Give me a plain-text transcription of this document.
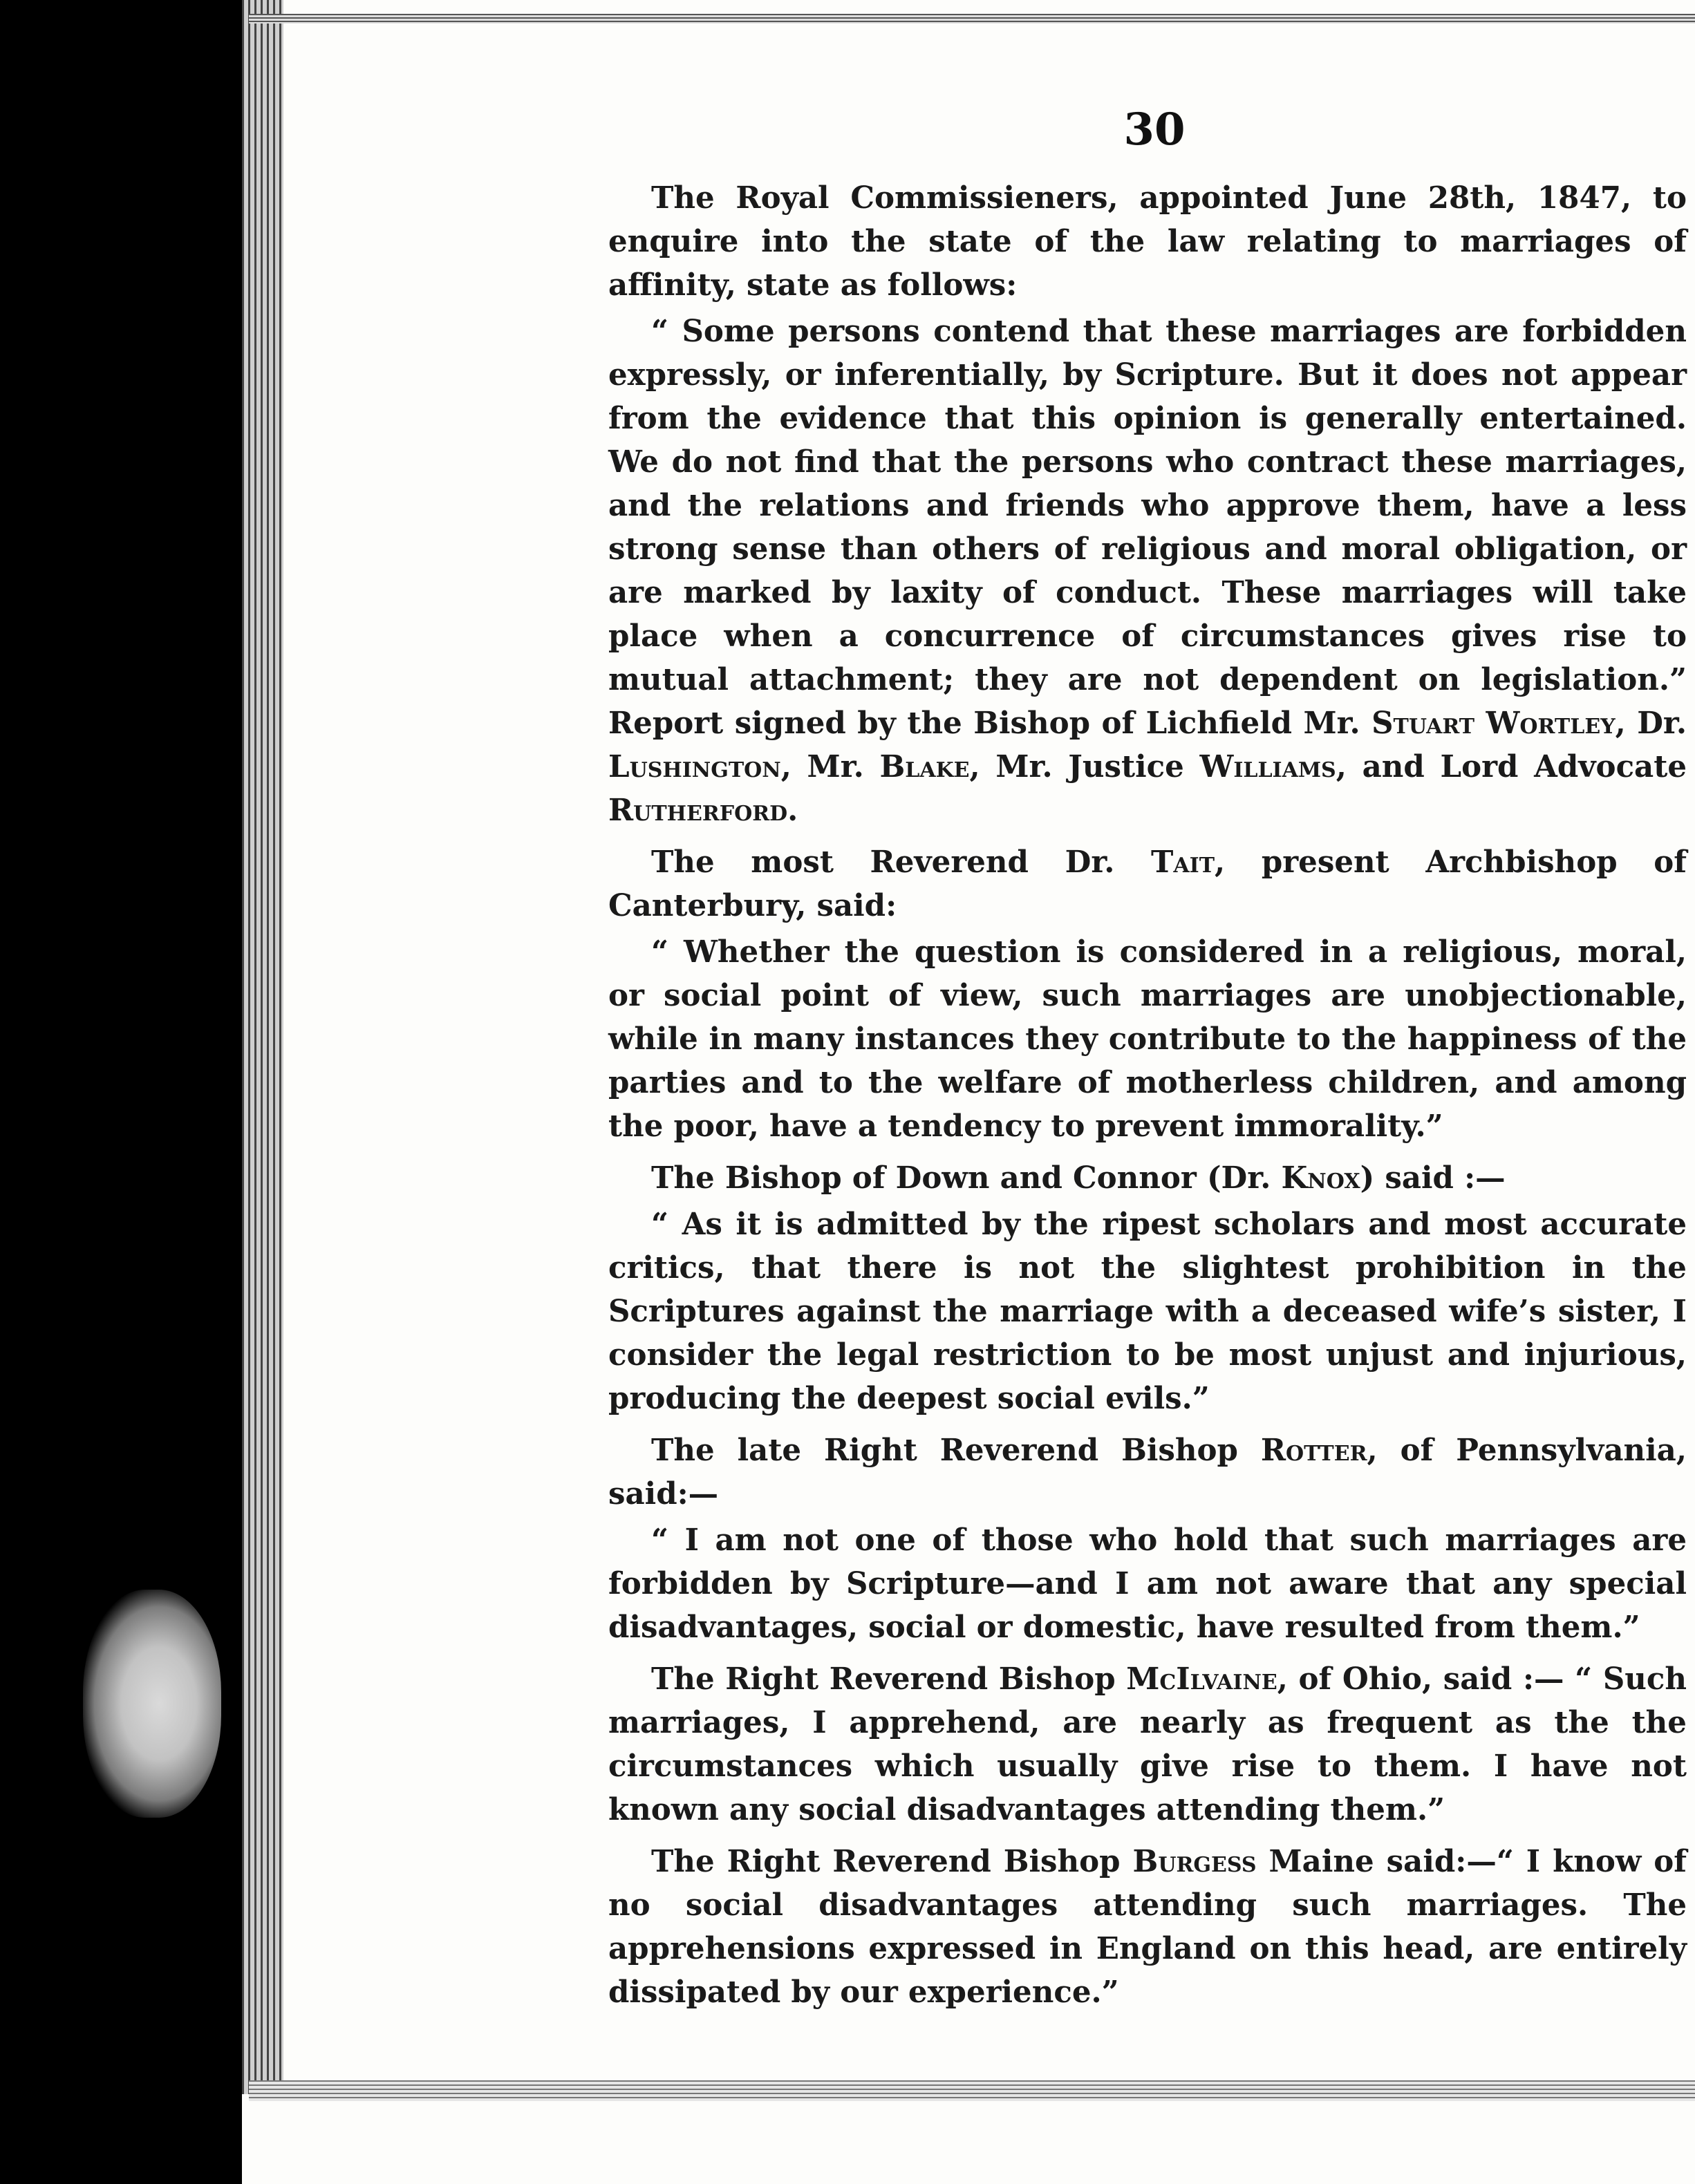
30

The Royal Commissieners, appointed June 28th, 1847, to enquire into the state of the law relating to marriages of affinity, state as follows:

“ Some persons contend that these marriages are forbidden expressly, or inferentially, by Scripture. But it does not appear from the evidence that this opinion is generally entertained. We do not find that the persons who contract these marriages, and the relations and friends who approve them, have a less strong sense than others of religious and moral obligation, or are marked by laxity of conduct. These marriages will take place when a concurrence of circumstances gives rise to mutual attachment; they are not dependent on legislation.” Report signed by the Bishop of Lichfield Mr. Stuart Wortley, Dr. Lushington, Mr. Blake, Mr. Justice Williams, and Lord Advocate Rutherford.

The most Reverend Dr. Tait, present Archbishop of Canterbury, said:

“ Whether the question is considered in a religious, moral, or social point of view, such marriages are unobjectionable, while in many instances they contribute to the happiness of the parties and to the welfare of motherless children, and among the poor, have a tendency to prevent immorality.”

The Bishop of Down and Connor (Dr. Knox) said :—

“ As it is admitted by the ripest scholars and most accurate critics, that there is not the slightest prohibition in the Scriptures against the marriage with a deceased wife’s sister, I consider the legal restriction to be most unjust and injurious, producing the deepest social evils.”

The late Right Reverend Bishop Rotter, of Pennsylvania, said:—

“ I am not one of those who hold that such marriages are forbidden by Scripture—and I am not aware that any special disadvantages, social or domestic, have resulted from them.”

The Right Reverend Bishop McIlvaine, of Ohio, said :— “ Such marriages, I apprehend, are nearly as frequent as the the circumstances which usually give rise to them. I have not known any social disadvantages attending them.”

The Right Reverend Bishop Burgess Maine said:—“ I know of no social disadvantages attending such marriages. The apprehensions expressed in England on this head, are entirely dissipated by our experience.”
